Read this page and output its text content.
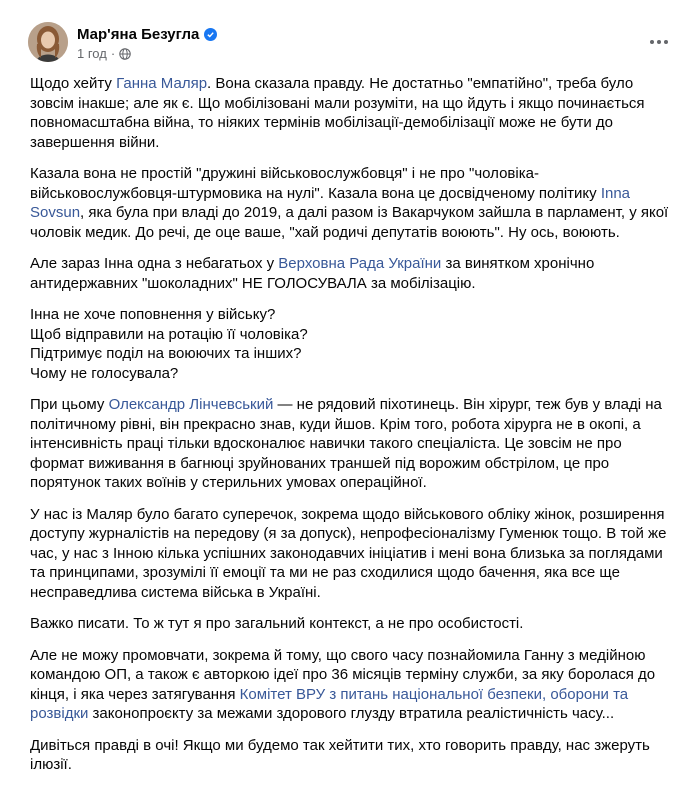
Мар'яна Безугла
1 год ·

Щодо хейту Ганна Маляр. Вона сказала правду. Не достатньо "емпатійно", треба було зовсім інакше; але як є. Що мобілізовані мали розуміти, на що йдуть і якщо починається повномасштабна війна, то ніяких термінів мобілізації-демобілізації може не бути до завершення війни.

Казала вона не простій "дружині військовослужбовця" і не про "чоловіка-військовослужбовця-штурмовика на нулі". Казала вона це досвідченому політику Inna Sovsun, яка була при владі до 2019, а далі разом із Вакарчуком зайшла в парламент, у якої чоловік медик. До речі, де оце ваше, "хай родичі депутатів воюють". Ну ось, воюють.

Але зараз Інна одна з небагатьох у Верховна Рада України за винятком хронічно антидержавних "шоколадних" НЕ ГОЛОСУВАЛА за мобілізацію.

Інна не хоче поповнення у війську?
Щоб відправили на ротацію її чоловіка?
Підтримує поділ на воюючих та інших?
Чому не голосувала?

При цьому Олександр Лінчевський — не рядовий піхотинець. Він хірург, теж був у владі на політичному рівні, він прекрасно знав, куди йшов. Крім того, робота хірурга не в окопі, а інтенсивність праці тільки вдосконалює навички такого спеціаліста. Це зовсім не про формат виживання в багнюці зруйнованих траншей під ворожим обстрілом, це про порятунок таких воїнів у стерильних умовах операційної.

У нас із Маляр було багато суперечок, зокрема щодо військового обліку жінок, розширення доступу журналістів на передову (я за допуск), непрофесіоналізму Гуменюк тощо. В той же час, у нас з Інною кілька успішних законодавчих ініціатив і мені вона близька за поглядами та принципами, зрозумілі її емоції та ми не раз сходилися щодо бачення, яка все ще несправедлива система війська в Україні.

Важко писати. То ж тут я про загальний контекст, а не про особистості.

Але не можу промовчати, зокрема й тому, що свого часу познайомила Ганну з медійною командою ОП, а також є авторкою ідеї про 36 місяців терміну служби, за яку боролася до кінця, і яка через затягування Комітет ВРУ з питань національної безпеки, оборони та розвідки законопроєкту за межами здорового глузду втратила реалістичність часу...

Дивіться правді в очі! Якщо ми будемо так хейтити тих, хто говорить правду, нас зжеруть ілюзії.
